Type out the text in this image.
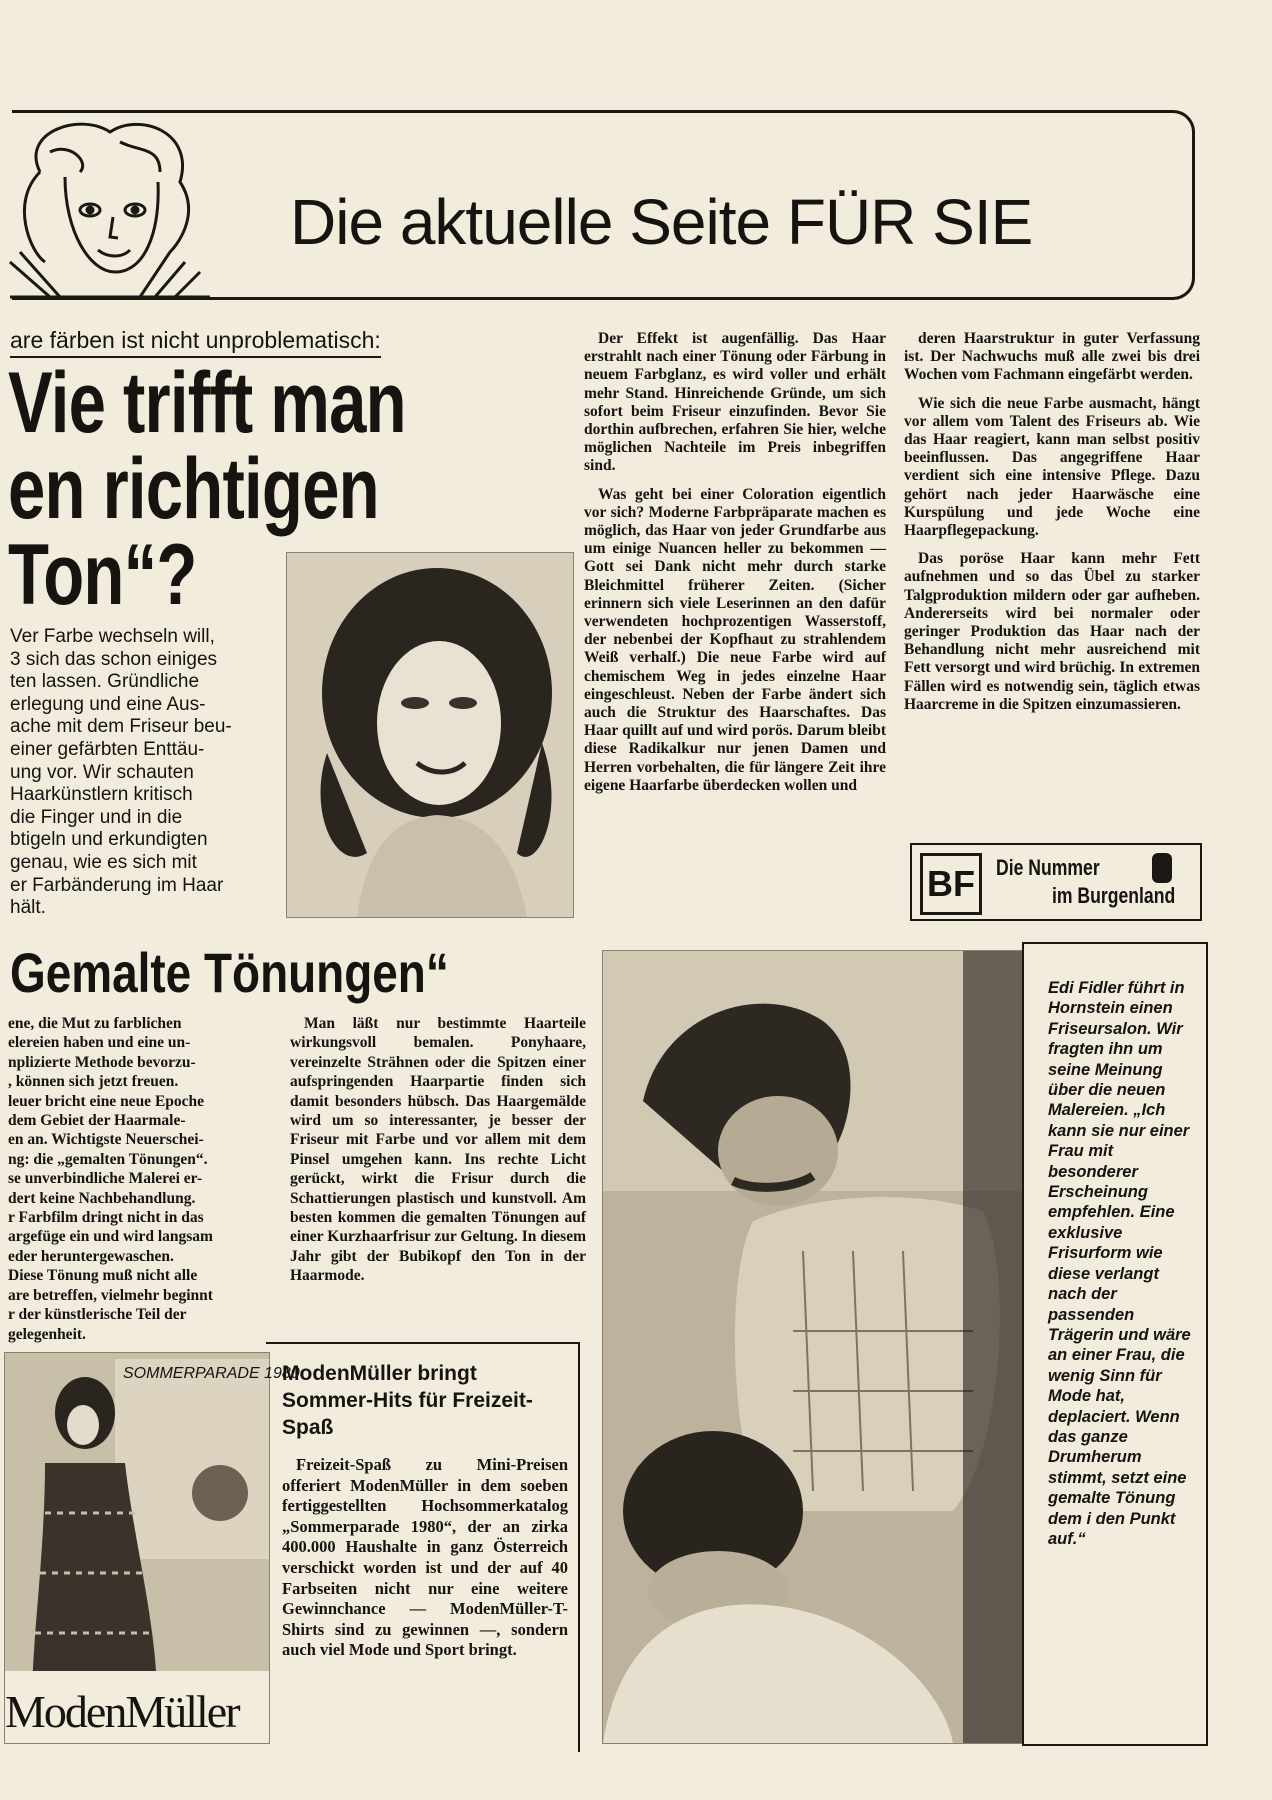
Die aktuelle Seite FÜR SIE
are färben ist nicht unproblematisch:
Vie trifft man
en richtigen
Ton“?
Ver Farbe wechseln will,
3 sich das schon einiges
ten lassen. Gründliche
erlegung und eine Aus-
ache mit dem Friseur beu-
einer gefärbten Enttäu-
ung vor. Wir schauten
Haarkünstlern kritisch
die Finger und in die
btigeln und erkundigten
genau, wie es sich mit
er Farbänderung im Haar
hält.

Der Effekt ist augenfällig. Das Haar erstrahlt nach einer Tönung oder Färbung in neuem Farbglanz, es wird voller und erhält mehr Stand. Hinreichende Gründe, um sich sofort beim Friseur einzufinden. Bevor Sie dorthin aufbrechen, erfahren Sie hier, welche möglichen Nachteile im Preis inbegriffen sind.

Was geht bei einer Coloration eigentlich vor sich? Moderne Farbpräparate machen es möglich, das Haar von jeder Grundfarbe aus um einige Nuancen heller zu bekommen — Gott sei Dank nicht mehr durch starke Bleichmittel früherer Zeiten. (Sicher erinnern sich viele Leserinnen an den dafür verwendeten hochprozentigen Wasserstoff, der nebenbei der Kopfhaut zu strahlendem Weiß verhalf.) Die neue Farbe wird auf chemischem Weg in jedes einzelne Haar eingeschleust. Neben der Farbe ändert sich auch die Struktur des Haarschaftes. Das Haar quillt auf und wird porös. Darum bleibt diese Radikalkur nur jenen Damen und Herren vorbehalten, die für längere Zeit ihre eigene Haarfarbe überdecken wollen und

deren Haarstruktur in guter Verfassung ist. Der Nachwuchs muß alle zwei bis drei Wochen vom Fachmann eingefärbt werden.

Wie sich die neue Farbe ausmacht, hängt vor allem vom Talent des Friseurs ab. Wie das Haar reagiert, kann man selbst positiv beeinflussen. Das angegriffene Haar verdient sich eine intensive Pflege. Dazu gehört nach jeder Haarwäsche eine Kurspülung und jede Woche eine Haarpflegepackung.

Das poröse Haar kann mehr Fett aufnehmen und so das Übel zu starker Talgproduktion mildern oder gar aufheben. Andererseits wird bei normaler oder geringer Produktion das Haar nach der Behandlung nicht mehr ausreichend mit Fett versorgt und wird brüchig. In extremen Fällen wird es notwendig sein, täglich etwas Haarcreme in die Spitzen einzumassieren.

BF Die Nummer
im Burgenland
Gemalte Tönungen“
ene, die Mut zu farblichen
elereien haben und eine un-
nplizierte Methode bevorzu-
, können sich jetzt freuen.
leuer bricht eine neue Epoche
dem Gebiet der Haarmale-
en an. Wichtigste Neuerschei-
ng: die „gemalten Tönungen“.
se unverbindliche Malerei er-
dert keine Nachbehandlung.
r Farbfilm dringt nicht in das
argefüge ein und wird langsam
eder heruntergewaschen.
Diese Tönung muß nicht alle
are betreffen, vielmehr beginnt
r der künstlerische Teil der
gelegenheit.

Man läßt nur bestimmte Haarteile wirkungsvoll bemalen. Ponyhaare, vereinzelte Strähnen oder die Spitzen einer aufspringenden Haarpartie finden sich damit besonders hübsch. Das Haargemälde wird um so interessanter, je besser der Friseur mit Farbe und vor allem mit dem Pinsel umgehen kann. Ins rechte Licht gerückt, wirkt die Frisur durch die Schattierungen plastisch und kunstvoll. Am besten kommen die gemalten Tönungen auf einer Kurzhaarfrisur zur Geltung. In diesem Jahr gibt der Bubikopf den Ton in der Haarmode.

Edi Fidler führt in Hornstein einen Friseursalon. Wir fragten ihn um seine Meinung über die neuen Malereien. „Ich kann sie nur einer Frau mit besonderer Erscheinung empfehlen. Eine exklusive Frisurform wie diese verlangt nach der passenden Trägerin und wäre an einer Frau, die wenig Sinn für Mode hat, deplaciert. Wenn das ganze Drumherum stimmt, setzt eine gemalte Tönung dem i den Punkt auf.“
SOMMERPARADE 1980
ModenMüller
ModenMüller bringt Sommer-Hits für Freizeit-Spaß

Freizeit-Spaß zu Mini-Preisen offeriert ModenMüller in dem soeben fertiggestellten Hochsommerkatalog „Sommerparade 1980“, der an zirka 400.000 Haushalte in ganz Österreich verschickt worden ist und der auf 40 Farbseiten nicht nur eine weitere Gewinnchance — ModenMüller-T-Shirts sind zu gewinnen —, sondern auch viel Mode und Sport bringt.
